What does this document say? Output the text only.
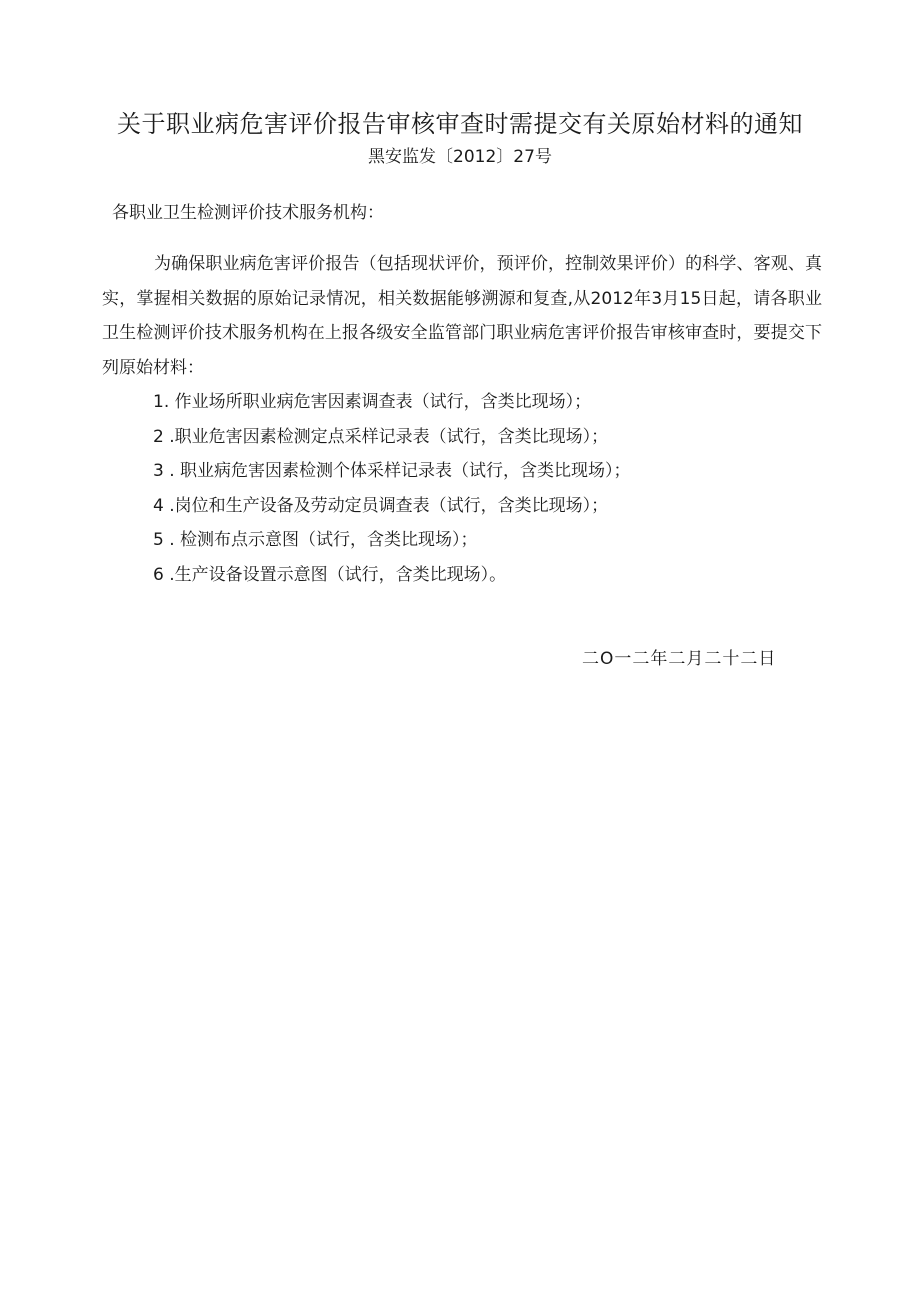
关于职业病危害评价报告审核审查时需提交有关原始材料的通知
黑安监发〔2012〕27号
各职业卫生检测评价技术服务机构：
为确保职业病危害评价报告（包括现状评价，预评价，控制效果评价）的科学、客观、真实，掌握相关数据的原始记录情况，相关数据能够溯源和复查,从2012年3月15日起，请各职业卫生检测评价技术服务机构在上报各级安全监管部门职业病危害评价报告审核审查时，要提交下列原始材料：
1. 作业场所职业病危害因素调查表（试行，含类比现场）；
2 .职业危害因素检测定点采样记录表（试行，含类比现场）；
3 . 职业病危害因素检测个体采样记录表（试行，含类比现场）；
4 .岗位和生产设备及劳动定员调查表（试行，含类比现场）；
5 . 检测布点示意图（试行，含类比现场）；
6 .生产设备设置示意图（试行，含类比现场）。
二O一二年二月二十二日
